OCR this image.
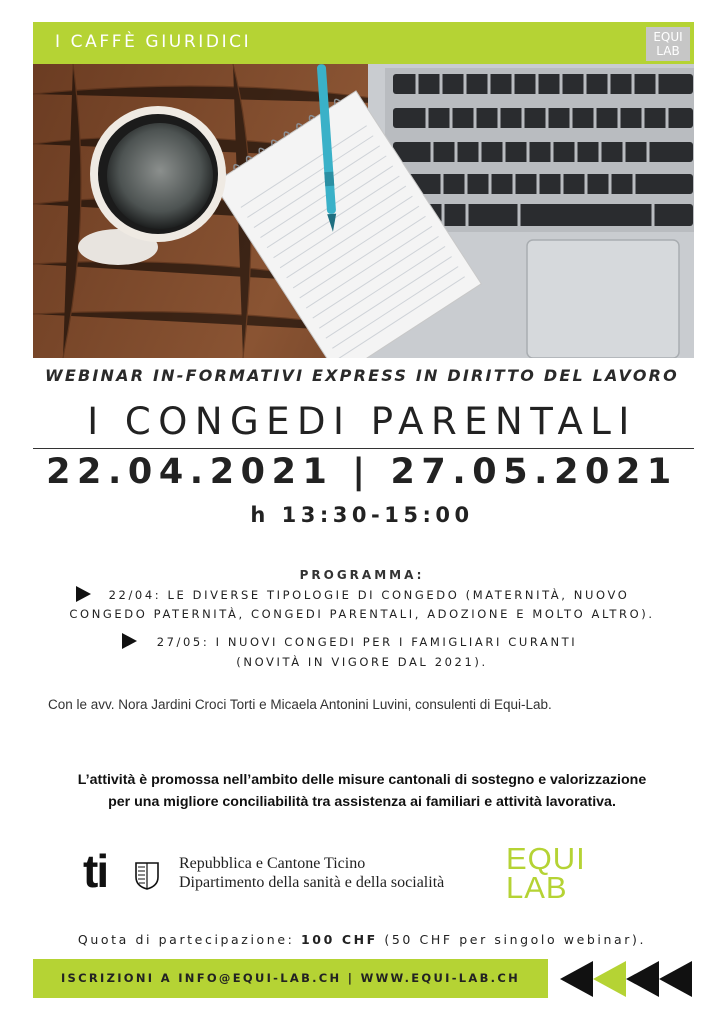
I CAFFÈ GIURIDICI	EQUI
LAB
WEBINAR IN-FORMATIVI EXPRESS IN DIRITTO DEL LAVORO
I CONGEDI PARENTALI
22.04.2021 | 27.05.2021
h 13:30-15:00
PROGRAMMA:
22/04: LE DIVERSE TIPOLOGIE DI CONGEDO (MATERNITÀ, NUOVO
CONGEDO PATERNITÀ, CONGEDI PARENTALI, ADOZIONE E MOLTO ALTRO).
27/05: I NUOVI CONGEDI PER I FAMIGLIARI CURANTI
(NOVITÀ IN VIGORE DAL 2021).
Con le avv. Nora Jardini Croci Torti e Micaela Antonini Luvini, consulenti di Equi-Lab.
L’attività è promossa nell’ambito delle misure cantonali di sostegno e valorizzazione
per una migliore conciliabilità tra assistenza ai familiari e attività lavorativa.
ti	Repubblica e Cantone Ticino
Dipartimento della sanità e della socialità
EQUI
LAB
Quota di partecipazione: 100 CHF (50 CHF per singolo webinar).
ISCRIZIONI A INFO@EQUI-LAB.CH | WWW.EQUI-LAB.CH
